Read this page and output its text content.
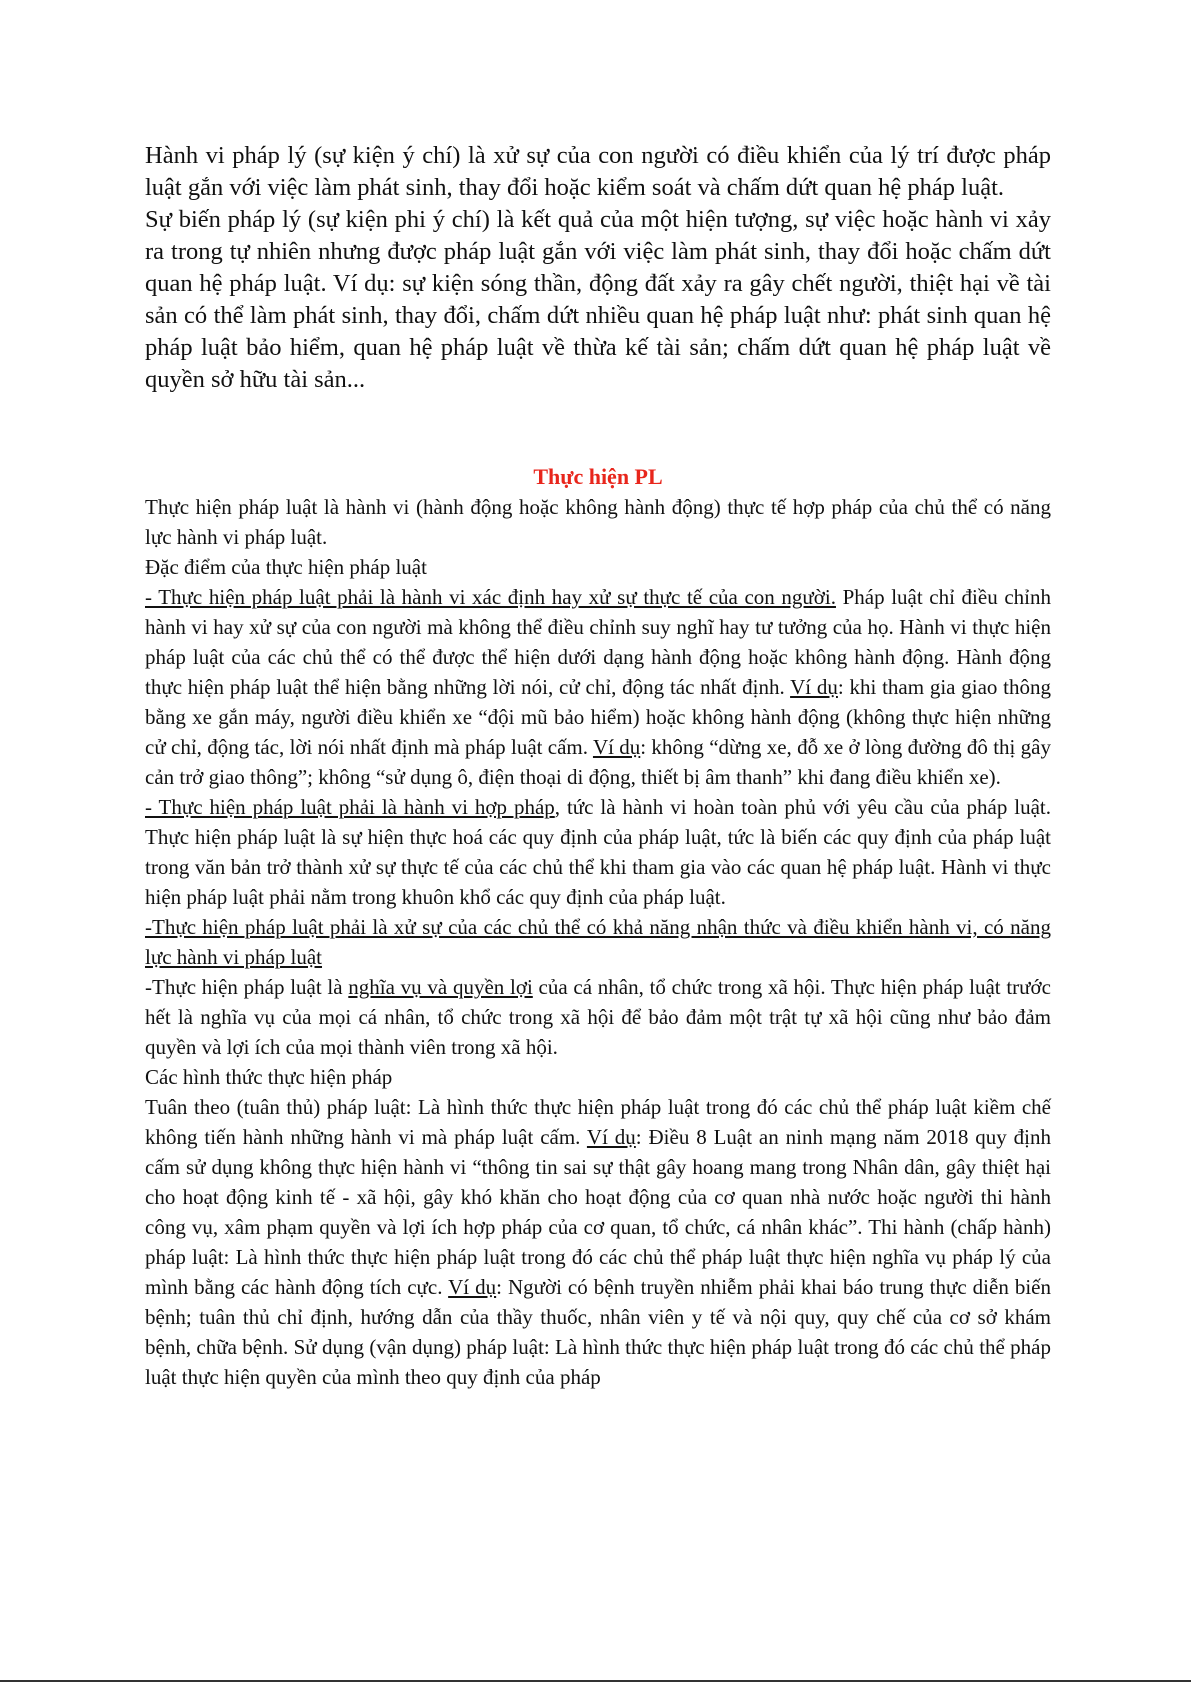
Hành vi pháp lý (sự kiện ý chí) là xử sự của con người có điều khiển của lý trí được pháp luật gắn với việc làm phát sinh, thay đổi hoặc kiểm soát và chấm dứt quan hệ pháp luật.

Sự biến pháp lý (sự kiện phi ý chí) là kết quả của một hiện tượng, sự việc hoặc hành vi xảy ra trong tự nhiên nhưng được pháp luật gắn với việc làm phát sinh, thay đổi hoặc chấm dứt quan hệ pháp luật. Ví dụ: sự kiện sóng thần, động đất xảy ra gây chết người, thiệt hại về tài sản có thể làm phát sinh, thay đổi, chấm dứt nhiều quan hệ pháp luật như: phát sinh quan hệ pháp luật bảo hiểm, quan hệ pháp luật về thừa kế tài sản; chấm dứt quan hệ pháp luật về quyền sở hữu tài sản...

Thực hiện PL

Thực hiện pháp luật là hành vi (hành động hoặc không hành động) thực tế hợp pháp của chủ thể có năng lực hành vi pháp luật.

Đặc điểm của thực hiện pháp luật

- Thực hiện pháp luật phải là hành vi xác định hay xử sự thực tế của con người. Pháp luật chỉ điều chỉnh hành vi hay xử sự của con người mà không thể điều chỉnh suy nghĩ hay tư tưởng của họ. Hành vi thực hiện pháp luật của các chủ thể có thể được thể hiện dưới dạng hành động hoặc không hành động. Hành động thực hiện pháp luật thể hiện bằng những lời nói, cử chỉ, động tác nhất định. Ví dụ: khi tham gia giao thông bằng xe gắn máy, người điều khiển xe “đội mũ bảo hiểm) hoặc không hành động (không thực hiện những cử chỉ, động tác, lời nói nhất định mà pháp luật cấm. Ví dụ: không “dừng xe, đỗ xe ở lòng đường đô thị gây cản trở giao thông”; không “sử dụng ô, điện thoại di động, thiết bị âm thanh” khi đang điều khiển xe).

- Thực hiện pháp luật phải là hành vi hợp pháp, tức là hành vi hoàn toàn phủ với yêu cầu của pháp luật. Thực hiện pháp luật là sự hiện thực hoá các quy định của pháp luật, tức là biến các quy định của pháp luật trong văn bản trở thành xử sự thực tế của các chủ thể khi tham gia vào các quan hệ pháp luật. Hành vi thực hiện pháp luật phải nằm trong khuôn khổ các quy định của pháp luật.

-Thực hiện pháp luật phải là xử sự của các chủ thể có khả năng nhận thức và điều khiển hành vi, có năng lực hành vi pháp luật

-Thực hiện pháp luật là nghĩa vụ và quyền lợi của cá nhân, tổ chức trong xã hội. Thực hiện pháp luật trước hết là nghĩa vụ của mọi cá nhân, tổ chức trong xã hội để bảo đảm một trật tự xã hội cũng như bảo đảm quyền và lợi ích của mọi thành viên trong xã hội.

Các hình thức thực hiện pháp

Tuân theo (tuân thủ) pháp luật: Là hình thức thực hiện pháp luật trong đó các chủ thể pháp luật kiềm chế không tiến hành những hành vi mà pháp luật cấm. Ví dụ: Điều 8 Luật an ninh mạng năm 2018 quy định cấm sử dụng không thực hiện hành vi “thông tin sai sự thật gây hoang mang trong Nhân dân, gây thiệt hại cho hoạt động kinh tế - xã hội, gây khó khăn cho hoạt động của cơ quan nhà nước hoặc người thi hành công vụ, xâm phạm quyền và lợi ích hợp pháp của cơ quan, tổ chức, cá nhân khác”. Thi hành (chấp hành) pháp luật: Là hình thức thực hiện pháp luật trong đó các chủ thể pháp luật thực hiện nghĩa vụ pháp lý của mình bằng các hành động tích cực. Ví dụ: Người có bệnh truyền nhiễm phải khai báo trung thực diễn biến bệnh; tuân thủ chỉ định, hướng dẫn của thầy thuốc, nhân viên y tế và nội quy, quy chế của cơ sở khám bệnh, chữa bệnh. Sử dụng (vận dụng) pháp luật: Là hình thức thực hiện pháp luật trong đó các chủ thể pháp luật thực hiện quyền của mình theo quy định của pháp
